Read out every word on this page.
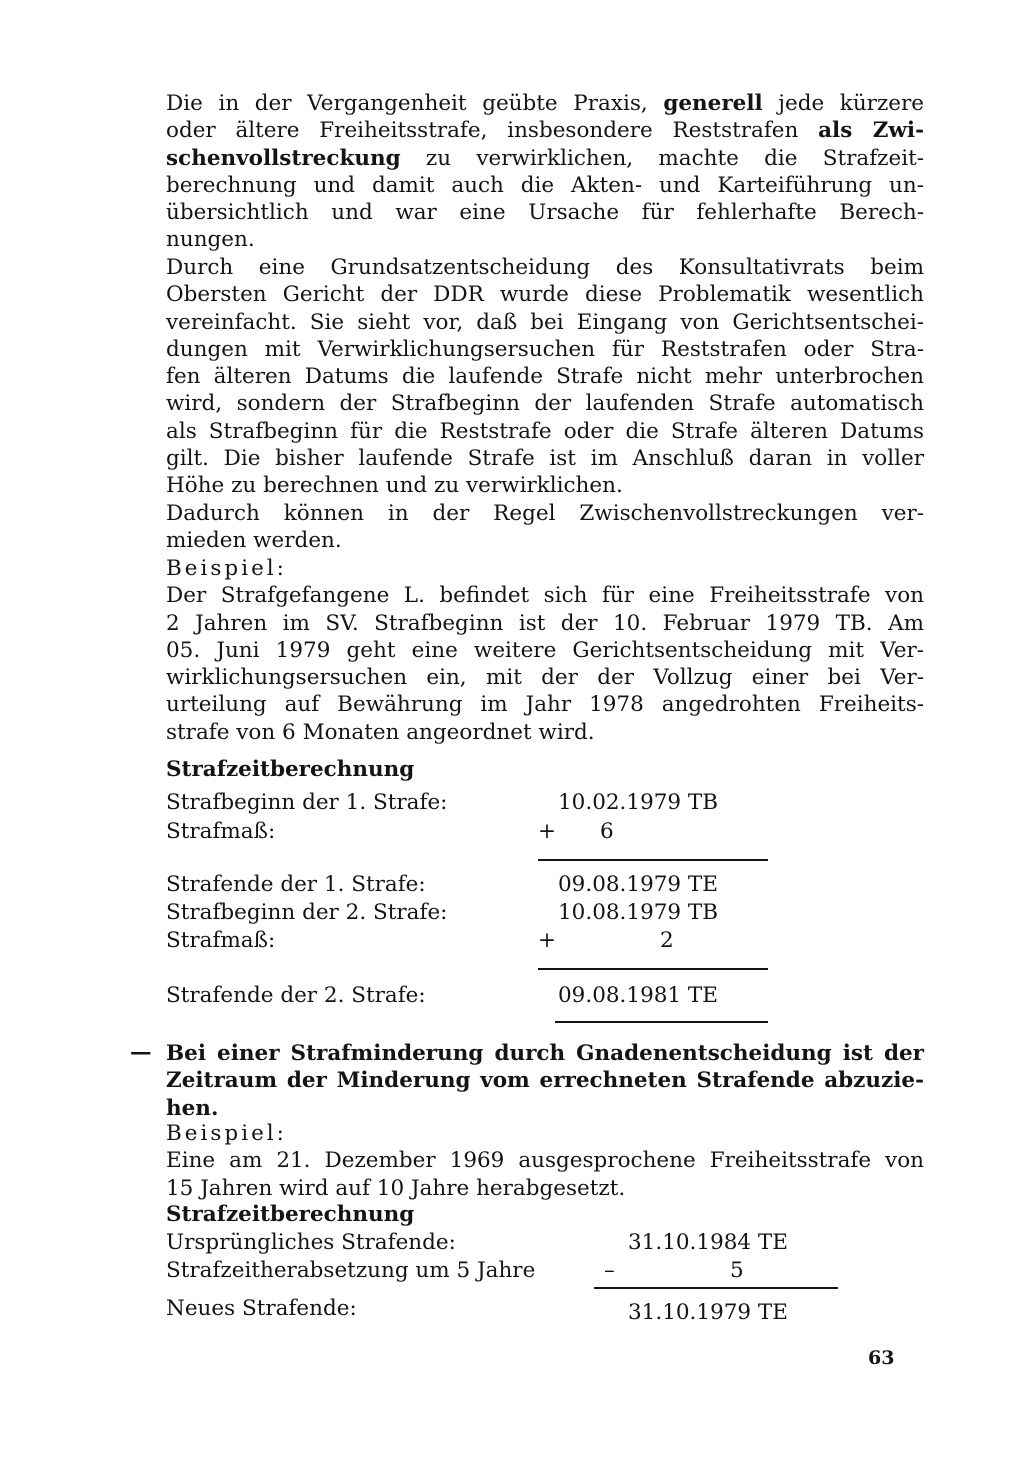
Die in der Vergangenheit geübte Praxis, generell jede kürzere
oder ältere Freiheitsstrafe, insbesondere Reststrafen als Zwi-
schenvollstreckung zu verwirklichen, machte die Strafzeit-
berechnung und damit auch die Akten- und Karteiführung un-
übersichtlich und war eine Ursache für fehlerhafte Berech-
nungen.
Durch eine Grundsatzentscheidung des Konsultativrats beim
Obersten Gericht der DDR wurde diese Problematik wesentlich
vereinfacht. Sie sieht vor, daß bei Eingang von Gerichtsentschei-
dungen mit Verwirklichungsersuchen für Reststrafen oder Stra-
fen älteren Datums die laufende Strafe nicht mehr unterbrochen
wird, sondern der Strafbeginn der laufenden Strafe automatisch
als Strafbeginn für die Reststrafe oder die Strafe älteren Datums
gilt. Die bisher laufende Strafe ist im Anschluß daran in voller
Höhe zu berechnen und zu verwirklichen.
Dadurch können in der Regel Zwischenvollstreckungen ver-
mieden werden.
Beispiel:
Der Strafgefangene L. befindet sich für eine Freiheitsstrafe von
2 Jahren im SV. Strafbeginn ist der 10. Februar 1979 TB. Am
05. Juni 1979 geht eine weitere Gerichtsentscheidung mit Ver-
wirklichungsersuchen ein, mit der der Vollzug einer bei Ver-
urteilung auf Bewährung im Jahr 1978 angedrohten Freiheits-
strafe von 6 Monaten angeordnet wird.
Strafzeitberechnung
Strafbeginn der 1. Strafe:	10.02.1979 TB
Strafmaß:	+ 6
Strafende der 1. Strafe:	09.08.1979 TE
Strafbeginn der 2. Strafe:	10.08.1979 TB
Strafmaß:	+	2
Strafende der 2. Strafe:	09.08.1981 TE
— Bei einer Strafminderung durch Gnadenentscheidung ist der
Zeitraum der Minderung vom errechneten Strafende abzuzie-
hen.
Beispiel:
Eine am 21. Dezember 1969 ausgesprochene Freiheitsstrafe von
15 Jahren wird auf 10 Jahre herabgesetzt.
Strafzeitberechnung
Ursprüngliches Strafende:	31.10.1984 TE
Strafzeitherabsetzung um 5 Jahre	–	5
Neues Strafende:	31.10.1979 TE
63
